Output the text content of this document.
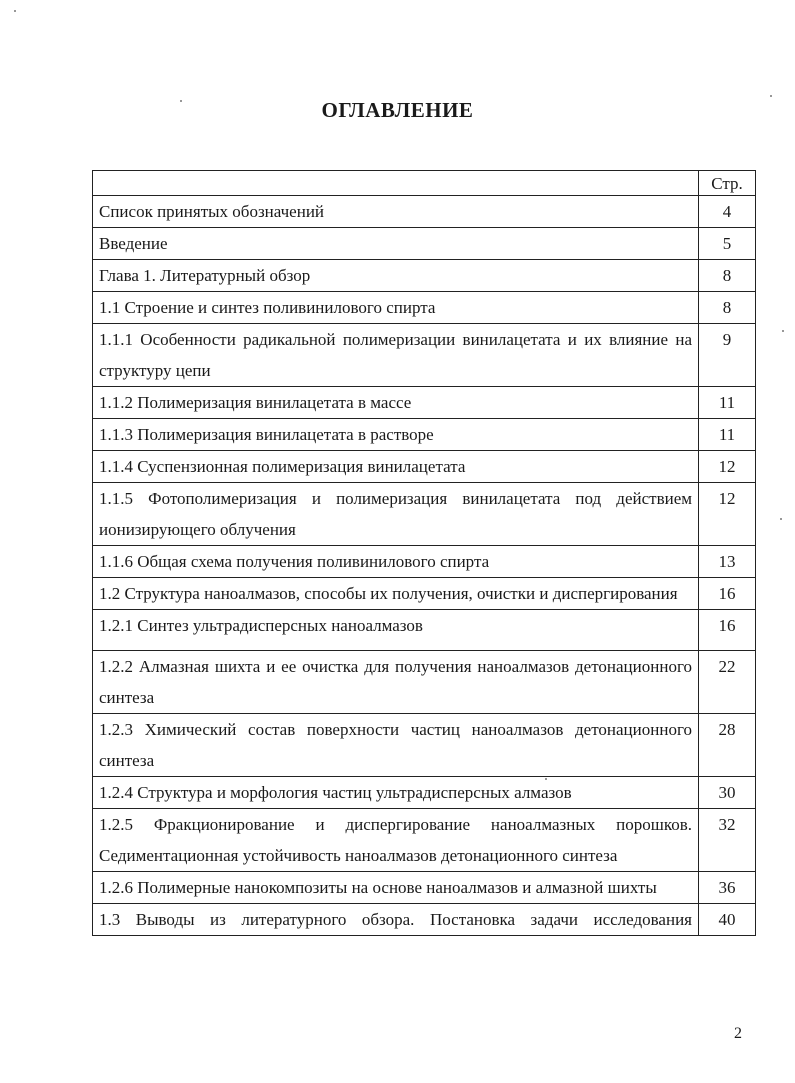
ОГЛАВЛЕНИЕ
	Стр.
Список принятых обозначений	4
Введение	5
Глава 1. Литературный обзор	8
1.1 Строение и синтез поливинилового спирта	8
1.1.1 Особенности радикальной полимеризации винилацетата и их влияние на структуру цепи	9
1.1.2 Полимеризация винилацетата в массе	11
1.1.3 Полимеризация винилацетата в растворе	11
1.1.4 Суспензионная полимеризация винилацетата	12
1.1.5 Фотополимеризация и полимеризация винилацетата под действием ионизирующего облучения	12
1.1.6 Общая схема получения поливинилового спирта	13
1.2 Структура наноалмазов, способы их получения, очистки и диспергирования	16
1.2.1 Синтез ультрадисперсных наноалмазов	16
1.2.2 Алмазная шихта и ее очистка для получения наноалмазов детонационного синтеза	22
1.2.3 Химический состав поверхности частиц наноалмазов детонационного синтеза	28
1.2.4 Структура и морфология частиц ультрадисперсных алмазов	30
1.2.5 Фракционирование и диспергирование наноалмазных порошков. Седиментационная устойчивость наноалмазов детонационного синтеза	32
1.2.6 Полимерные нанокомпозиты на основе наноалмазов и алмазной шихты	36
1.3 Выводы из литературного обзора. Постановка задачи исследования	40
2
